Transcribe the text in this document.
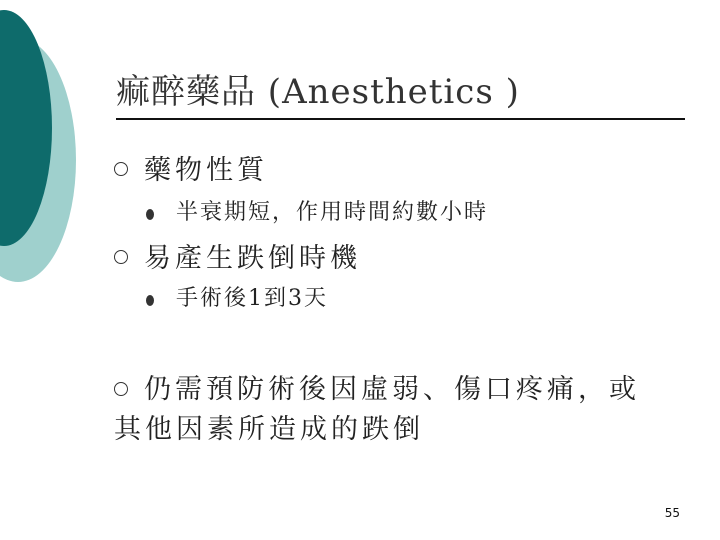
痲醉藥品 (Anesthetics )
藥物性質
半衰期短，作用時間約數小時
易產生跌倒時機
手術後1到3天
仍需預防術後因虛弱、傷口疼痛，或
其他因素所造成的跌倒
55
